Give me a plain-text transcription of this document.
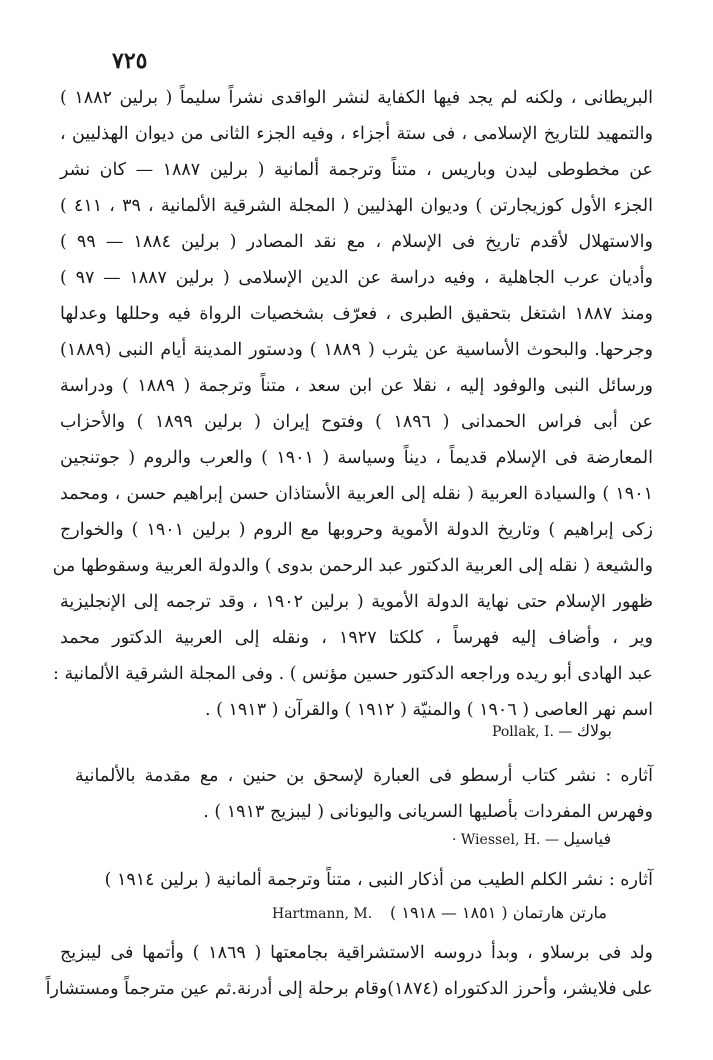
٧٢٥
البريطانى ، ولكنه لم يجد فيها الكفاية لنشر الواقدى نشراً سليماً ( برلين ١٨٨٢ )
والتمهيد للتاريخ الإسلامى ، فى ستة أجزاء ، وفيه الجزء الثانى من ديوان الهذليين ،
عن مخطوطى ليدن وباريس ، متناً وترجمة ألمانية ( برلين ١٨٨٧ — كان نشر
الجزء الأول كوزيجارتن ) وديوان الهذليين ( المجلة الشرقية الألمانية ، ٣٩ ، ٤١١ )
والاستهلال لأقدم تاريخ فى الإسلام ، مع نقد المصادر ( برلين ١٨٨٤ — ٩٩ )
وأديان عرب الجاهلية ، وفيه دراسة عن الدين الإسلامى ( برلين ١٨٨٧ — ٩٧ )
ومنذ ١٨٨٧ اشتغل بتحقيق الطبرى ، فعرّف بشخصيات الرواة فيه وحللها وعدلها
وجرحها. والبحوث الأساسية عن يثرب ( ١٨٨٩ ) ودستور المدينة أيام النبى (١٨٨٩)
ورسائل النبى والوفود إليه ، نقلا عن ابن سعد ، متناً وترجمة ( ١٨٨٩ ) ودراسة
عن أبى فراس الحمدانى ( ١٨٩٦ ) وفتوح إيران ( برلين ١٨٩٩ ) والأحزاب
المعارضة فى الإسلام قديماً ، ديناً وسياسة ( ١٩٠١ ) والعرب والروم ( جوتنجين
١٩٠١ ) والسيادة العربية ( نقله إلى العربية الأستاذان حسن إبراهيم حسن ، ومحمد
زكى إبراهيم ) وتاريخ الدولة الأموية وحروبها مع الروم ( برلين ١٩٠١ ) والخوارج
والشيعة ( نقله إلى العربية الدكتور عبد الرحمن بدوى ) والدولة العربية وسقوطها من
ظهور الإسلام حتى نهاية الدولة الأموية ( برلين ١٩٠٢ ، وقد ترجمه إلى الإنجليزية
وير ، وأضاف إليه فهرساً ، كلكتا ١٩٢٧ ، ونقله إلى العربية الدكتور محمد
عبد الهادى أبو ريده وراجعه الدكتور حسين مؤنس ) . وفى المجلة الشرقية الألمانية :
اسم نهر العاصى ( ١٩٠٦ ) والمنيّة ( ١٩١٢ ) والقرآن ( ١٩١٣ ) .
Pollak, I. — بولاك
آثاره : نشر كتاب أرسطو فى العبارة لإسحق بن حنين ، مع مقدمة بالألمانية
وفهرس المفردات بأصليها السريانى واليونانى ( ليبزيج ١٩١٣ ) .
· Wiessel, H. — فياسيل
آثاره : نشر الكلم الطيب من أذكار النبى ، متناً وترجمة ألمانية ( برلين ١٩١٤ )
Hartmann, M. مارتن هارتمان ( ١٨٥١ — ١٩١٨ )
ولد فى برسلاو ، وبدأ دروسه الاستشراقية بجامعتها ( ١٨٦٩ ) وأتمها فى ليبزيج
على فلايشر، وأحرز الدكتوراه (١٨٧٤)وقام برحلة إلى أدرنة.ثم عين مترجماً ومستشاراً
